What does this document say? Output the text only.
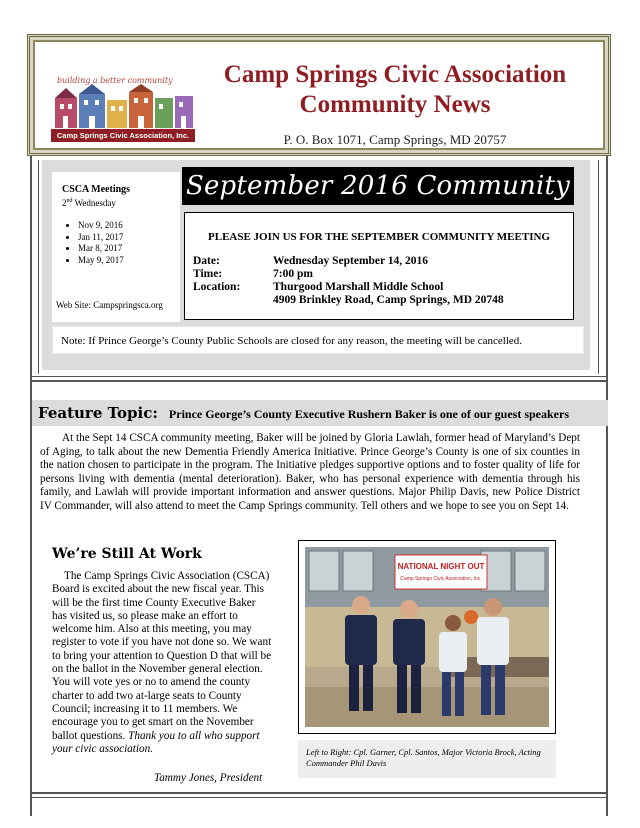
building a better community
Camp Springs Civic Association, Inc.
Camp Springs Civic Association
Community News
P. O. Box 1071, Camp Springs, MD 20757
CSCA Meetings
2nd Wednesday
• Nov 9, 2016
• Jan 11, 2017
• Mar 8, 2017
• May 9, 2017
Web Site: Campspringsca.org
September 2016 Community
PLEASE JOIN US FOR THE SEPTEMBER COMMUNITY MEETING
Date:	Wednesday September 14, 2016
Time:	7:00 pm
Location:	Thurgood Marshall Middle School
4909 Brinkley Road, Camp Springs, MD 20748
Note: If Prince George’s County Public Schools are closed for any reason, the meeting will be cancelled.
Feature Topic: Prince George’s County Executive Rushern Baker is one of our guest speakers
At the Sept 14 CSCA community meeting, Baker will be joined by Gloria Lawlah, former head of Maryland’s Dept of Aging, to talk about the new Dementia Friendly America Initiative. Prince George’s County is one of six counties in the nation chosen to participate in the program. The Initiative pledges supportive options and to foster quality of life for persons living with dementia (mental deterioration). Baker, who has personal experience with dementia through his family, and Lawlah will provide important information and answer questions. Major Philip Davis, new Police District IV Commander, will also attend to meet the Camp Springs community. Tell others and we hope to see you on Sept 14.
We’re Still At Work
The Camp Springs Civic Association (CSCA) Board is excited about the new fiscal year. This will be the first time County Executive Baker has visited us, so please make an effort to welcome him. Also at this meeting, you may register to vote if you have not done so. We want to bring your attention to Question D that will be on the ballot in the November general election. You will vote yes or no to amend the county charter to add two at-large seats to County Council; increasing it to 11 members. We encourage you to get smart on the November ballot questions. Thank you to all who support your civic association.
Tammy Jones, President
NATIONAL NIGHT OUT
Camp Springs Civic Association, Inc.
Left to Right: Cpl. Garner, Cpl. Santos, Major Victoria Brock, Acting Commander Phil Davis
